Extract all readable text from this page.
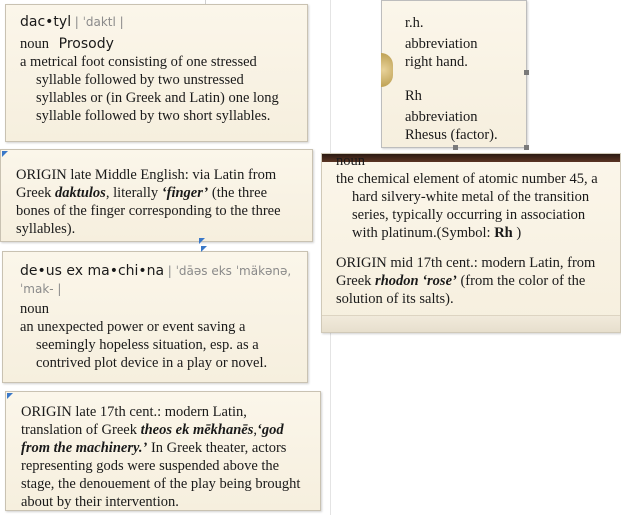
dac•tyl | ˈdaktl |
noun Prosody
a metrical foot consisting of one stressed syllable followed by two unstressed syllables or (in Greek and Latin) one long syllable followed by two short syllables.
ORIGIN late Middle English: via Latin from Greek daktulos, literally ‘finger’ (the three bones of the finger corresponding to the three syllables).
de•us ex ma•chi•na | ˈdāəs eks ˈmäkənə, ˈmak- |
noun
an unexpected power or event saving a seemingly hopeless situation, esp. as a contrived plot device in a play or novel.
ORIGIN late 17th cent.: modern Latin, translation of Greek theos ek mēkhanēs,‘god from the machinery.’ In Greek theater, actors representing gods were suspended above the stage, the denouement of the play being brought about by their intervention.
r.h.
abbreviation
right hand.
Rh
abbreviation
Rhesus (factor).
noun
the chemical element of atomic number 45, a hard silvery-white metal of the transition series, typically occurring in association with platinum.(Symbol: Rh )
ORIGIN mid 17th cent.: modern Latin, from Greek rhodon ‘rose’ (from the color of the solution of its salts).
